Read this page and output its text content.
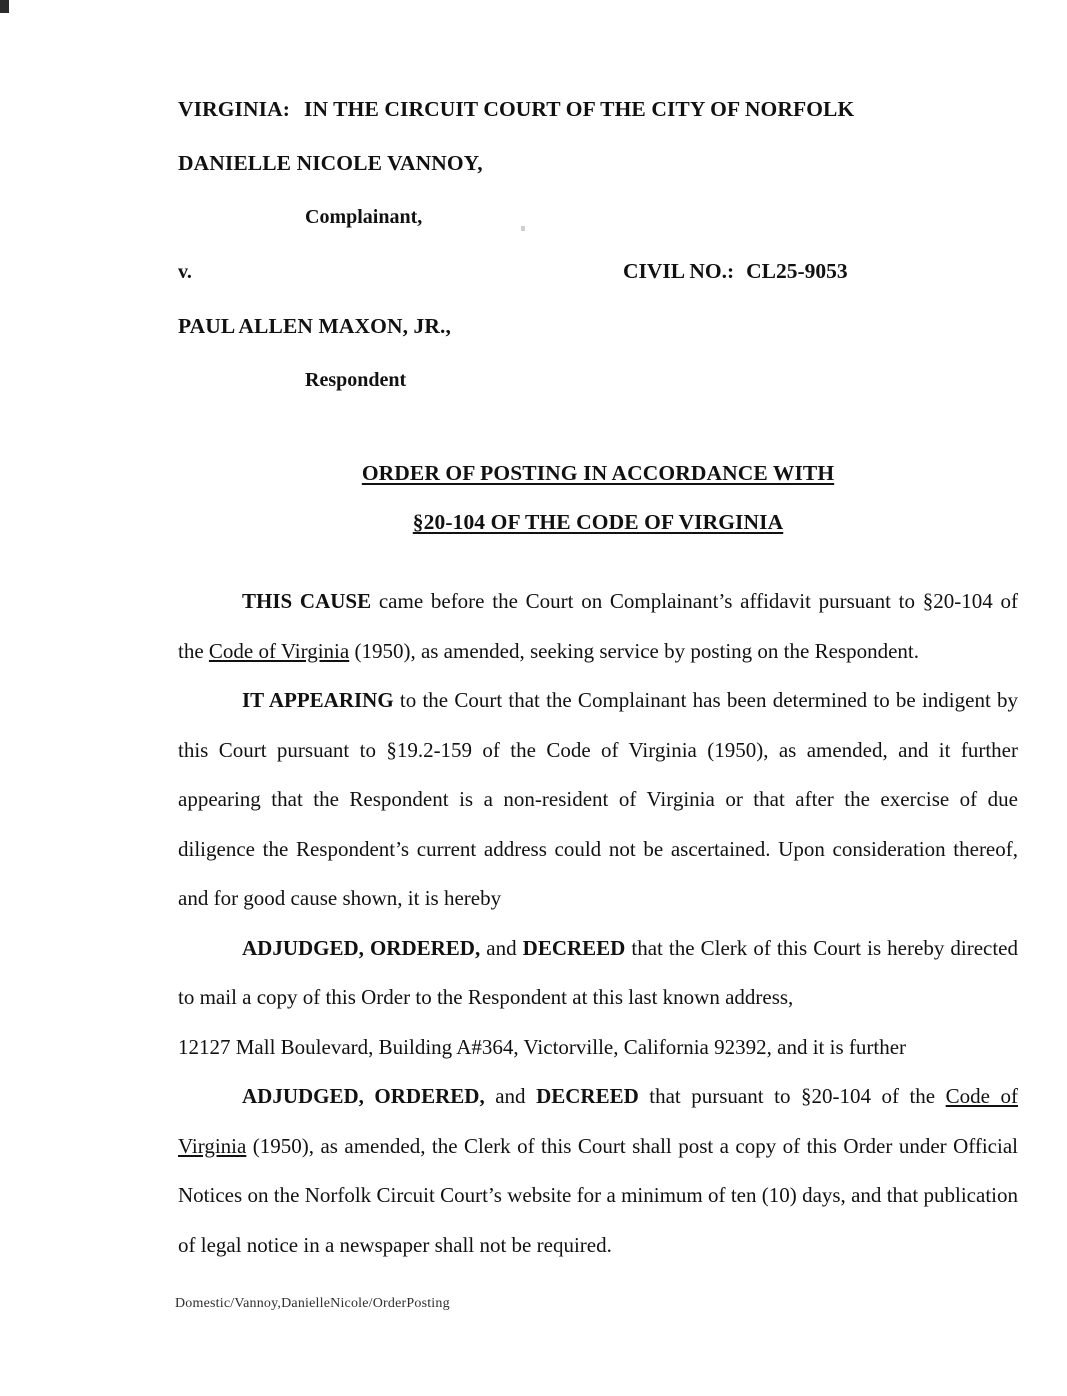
VIRGINIA: IN THE CIRCUIT COURT OF THE CITY OF NORFOLK
DANIELLE NICOLE VANNOY,
Complainant,
v.	CIVIL NO.: CL25-9053
PAUL ALLEN MAXON, JR.,
Respondent
ORDER OF POSTING IN ACCORDANCE WITH
§20-104 OF THE CODE OF VIRGINIA

THIS CAUSE came before the Court on Complainant’s affidavit pursuant to §20-104 of the Code of Virginia (1950), as amended, seeking service by posting on the Respondent.

IT APPEARING to the Court that the Complainant has been determined to be indigent by this Court pursuant to §19.2-159 of the Code of Virginia (1950), as amended, and it further appearing that the Respondent is a non-resident of Virginia or that after the exercise of due diligence the Respondent’s current address could not be ascertained. Upon consideration thereof, and for good cause shown, it is hereby

ADJUDGED, ORDERED, and DECREED that the Clerk of this Court is hereby directed to mail a copy of this Order to the Respondent at this last known address,

12127 Mall Boulevard, Building A#364, Victorville, California 92392, and it is further

ADJUDGED, ORDERED, and DECREED that pursuant to §20-104 of the Code of Virginia (1950), as amended, the Clerk of this Court shall post a copy of this Order under Official Notices on the Norfolk Circuit Court’s website for a minimum of ten (10) days, and that publication of legal notice in a newspaper shall not be required.

Domestic/Vannoy,DanielleNicole/OrderPosting
